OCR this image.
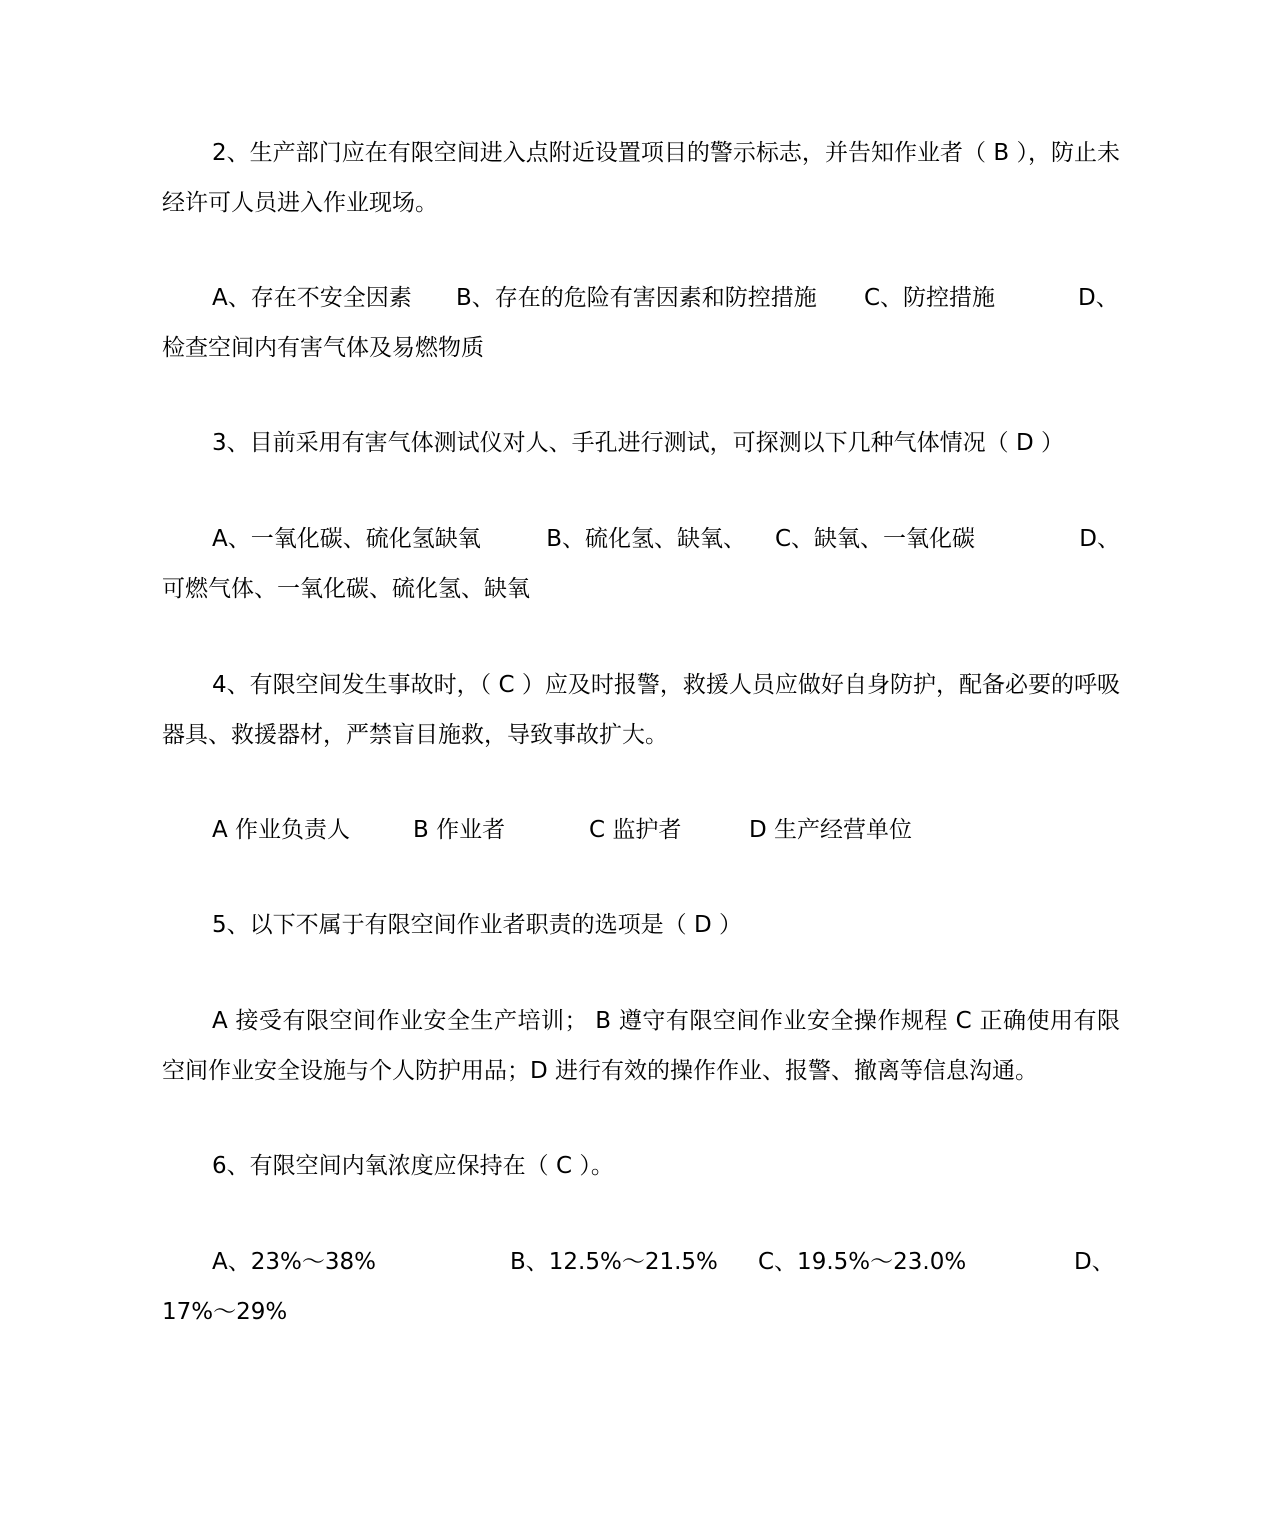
2、生产部门应在有限空间进入点附近设置项目的警示标志，并告知作业者（ B ），防止未经许可人员进入作业现场。

A、存在不安全因素	B、存在的危险有害因素和防控措施	C、防控措施	D、
检查空间内有害气体及易燃物质

3、目前采用有害气体测试仪对人、手孔进行测试，可探测以下几种气体情况（ D ）

A、一氧化碳、硫化氢缺氧	B、硫化氢、缺氧、	C、缺氧、一氧化碳	D、
可燃气体、一氧化碳、硫化氢、缺氧

4、有限空间发生事故时，（ C ）应及时报警，救援人员应做好自身防护，配备必要的呼吸器具、救援器材，严禁盲目施救，导致事故扩大。

A 作业负责人	B 作业者	C 监护者	D 生产经营单位

5、以下不属于有限空间作业者职责的选项是（ D ）

A 接受有限空间作业安全生产培训； B 遵守有限空间作业安全操作规程 C 正确使用有限空间作业安全设施与个人防护用品；D 进行有效的操作作业、报警、撤离等信息沟通。

6、有限空间内氧浓度应保持在（ C ）。

A、23%～38%	B、12.5%～21.5%	C、19.5%～23.0%	D、
17%～29%
